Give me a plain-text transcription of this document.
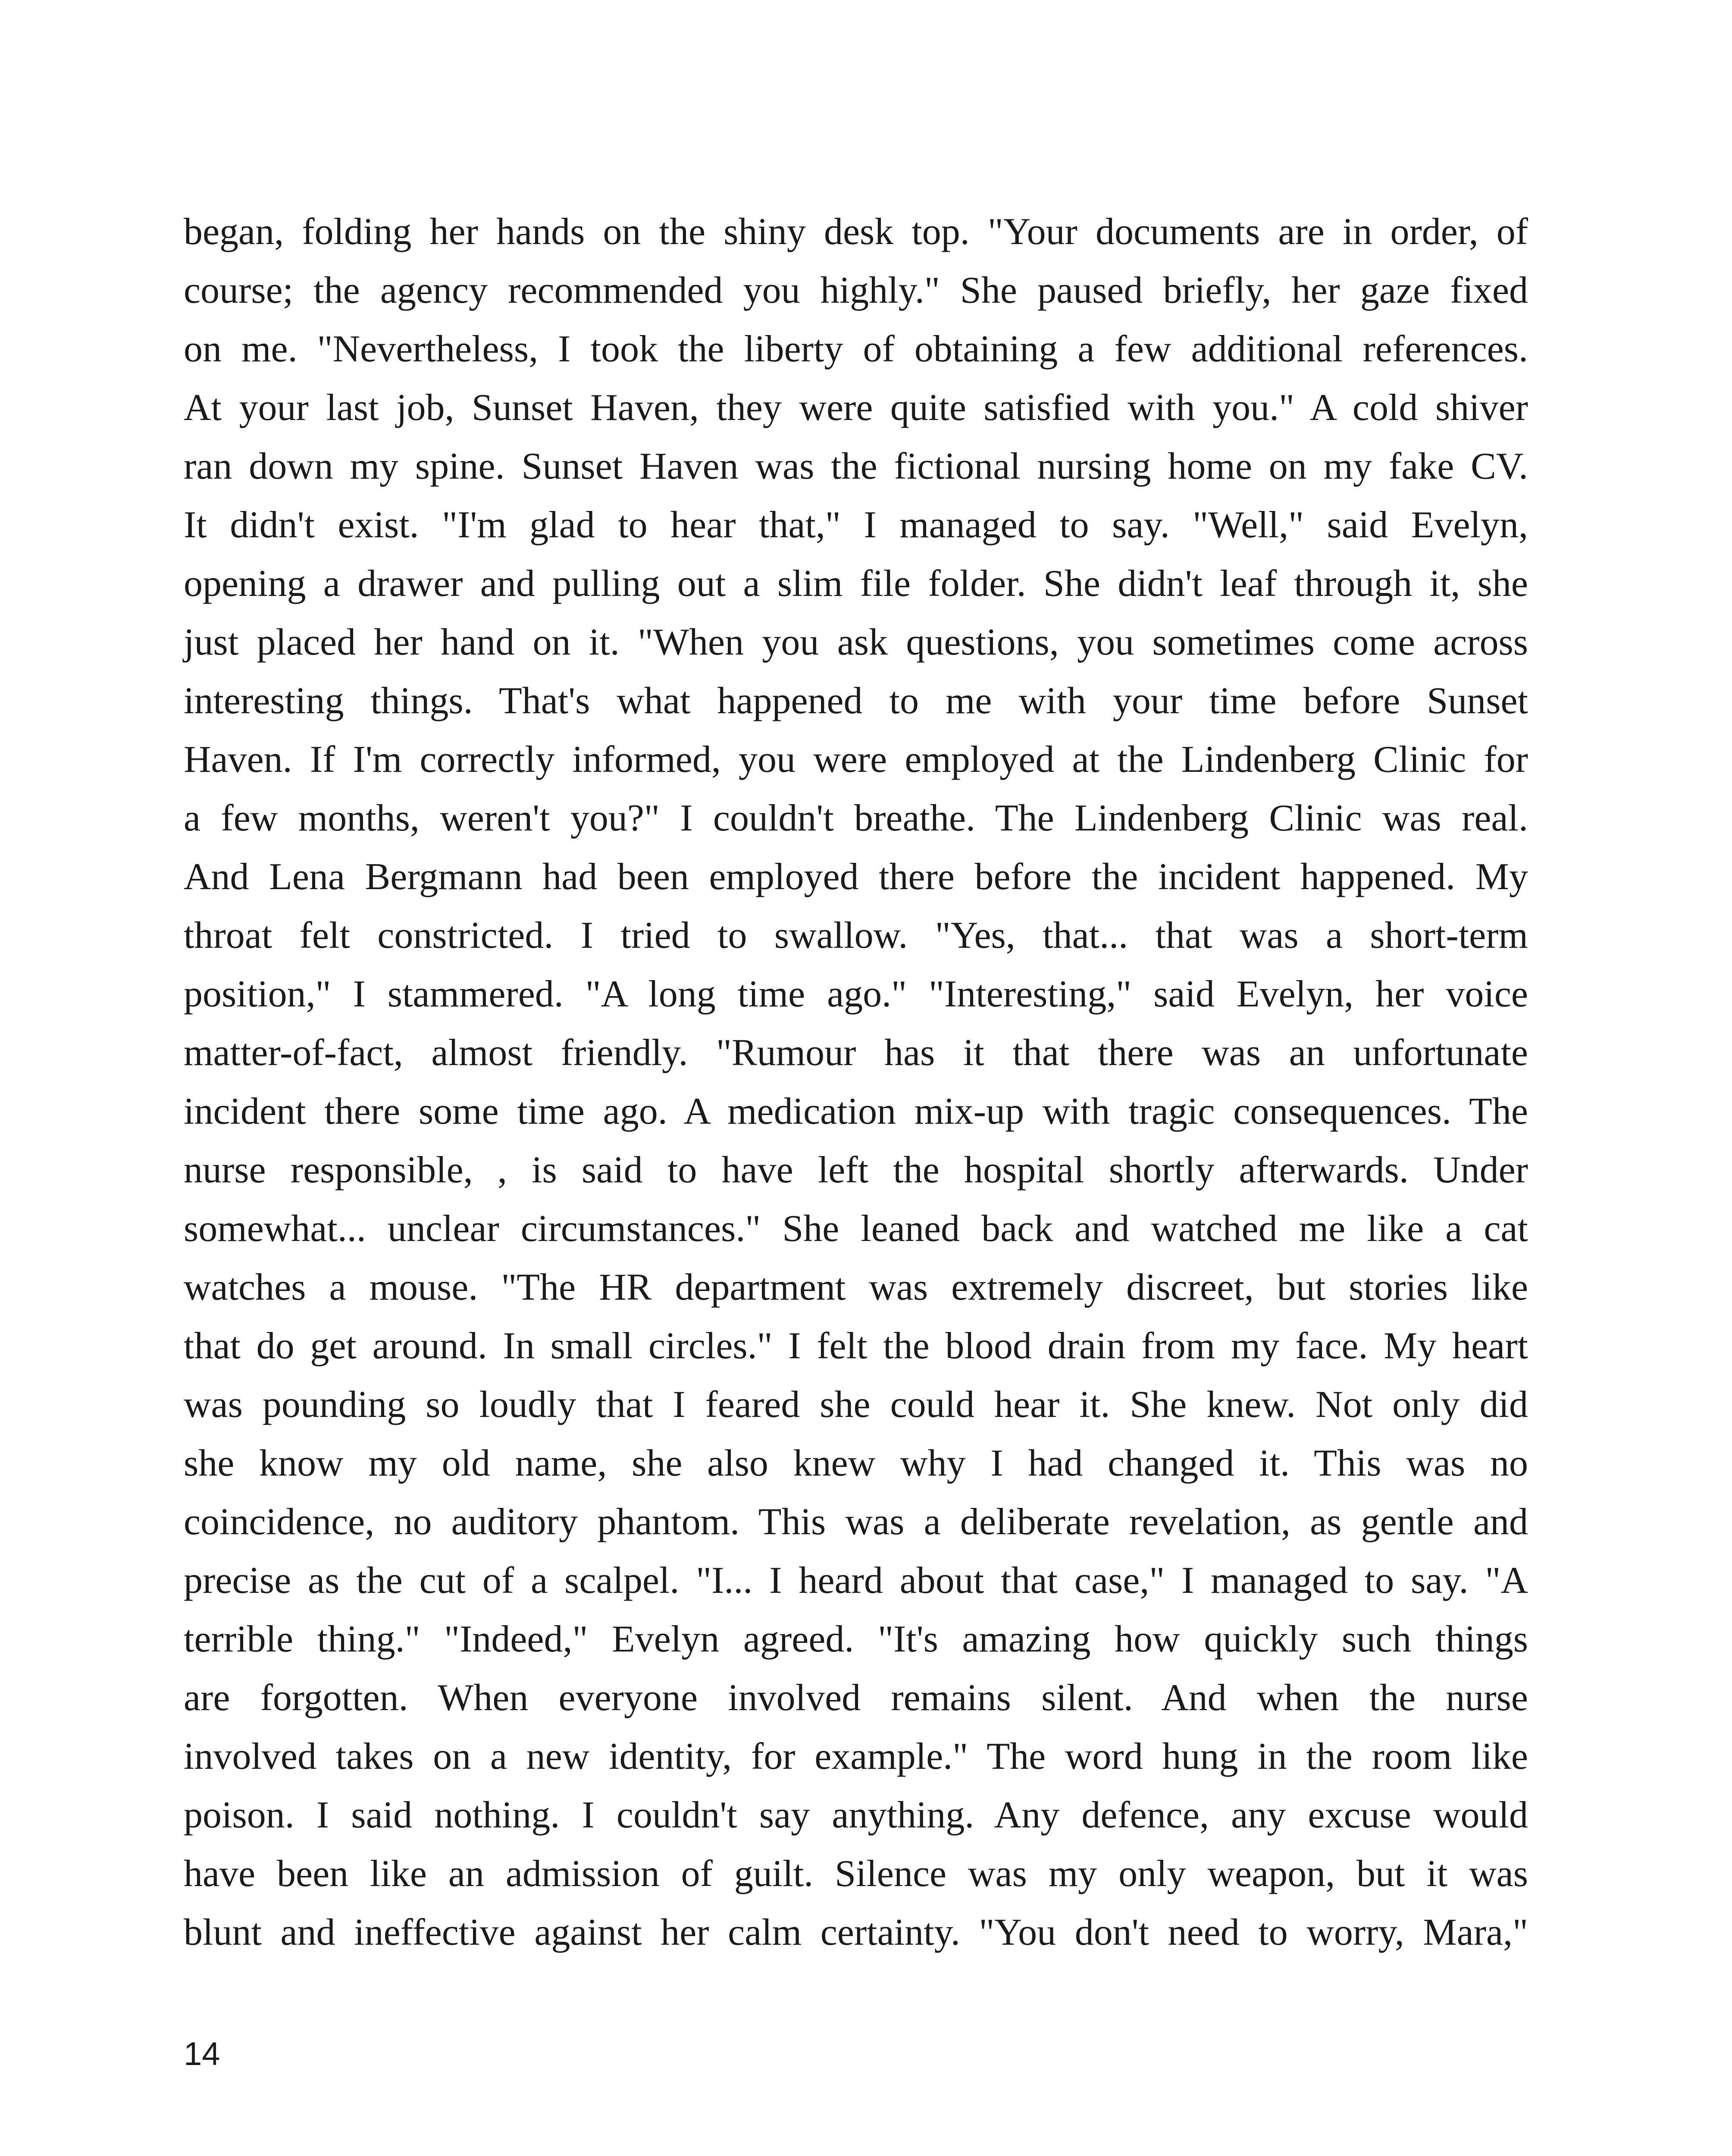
began, folding her hands on the shiny desk top. "Your documents are in order, of
course; the agency recommended you highly." She paused briefly, her gaze fixed
on me. "Nevertheless, I took the liberty of obtaining a few additional references.
At your last job, Sunset Haven, they were quite satisfied with you." A cold shiver
ran down my spine. Sunset Haven was the fictional nursing home on my fake CV.
It didn't exist. "I'm glad to hear that," I managed to say. "Well," said Evelyn,
opening a drawer and pulling out a slim file folder. She didn't leaf through it, she
just placed her hand on it. "When you ask questions, you sometimes come across
interesting things. That's what happened to me with your time before Sunset
Haven. If I'm correctly informed, you were employed at the Lindenberg Clinic for
a few months, weren't you?" I couldn't breathe. The Lindenberg Clinic was real.
And Lena Bergmann had been employed there before the incident happened. My
throat felt constricted. I tried to swallow. "Yes, that... that was a short-term
position," I stammered. "A long time ago." "Interesting," said Evelyn, her voice
matter-of-fact, almost friendly. "Rumour has it that there was an unfortunate
incident there some time ago. A medication mix-up with tragic consequences. The
nurse responsible, , is said to have left the hospital shortly afterwards. Under
somewhat... unclear circumstances." She leaned back and watched me like a cat
watches a mouse. "The HR department was extremely discreet, but stories like
that do get around. In small circles." I felt the blood drain from my face. My heart
was pounding so loudly that I feared she could hear it. She knew. Not only did
she know my old name, she also knew why I had changed it. This was no
coincidence, no auditory phantom. This was a deliberate revelation, as gentle and
precise as the cut of a scalpel. "I... I heard about that case," I managed to say. "A
terrible thing." "Indeed," Evelyn agreed. "It's amazing how quickly such things
are forgotten. When everyone involved remains silent. And when the nurse
involved takes on a new identity, for example." The word hung in the room like
poison. I said nothing. I couldn't say anything. Any defence, any excuse would
have been like an admission of guilt. Silence was my only weapon, but it was
blunt and ineffective against her calm certainty. "You don't need to worry, Mara,"
14
